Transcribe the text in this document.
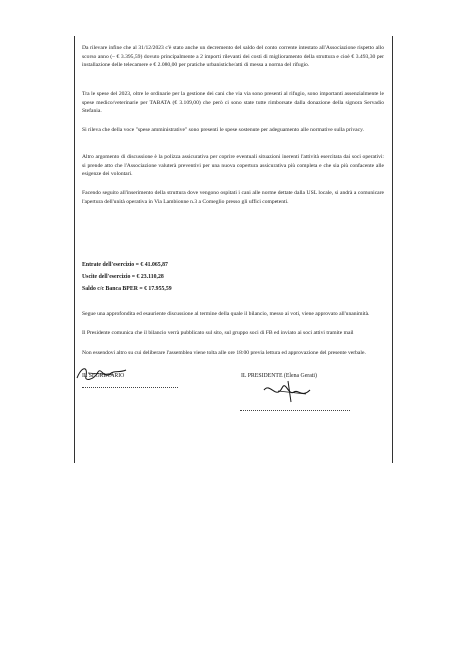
Da rilevare infine che al 31/12/2023 c'è stato anche un decremento del saldo del conto corrente intestato all'Associazione rispetto allo scorso anno (– € 3.395,59) dovuto principalmente a 2 importi rilevanti dei costi di miglioramento della struttura e cioè € 3.493,30 per installazione delle telecamere e € 2.080,00 per pratiche urbanistiche/atti di messa a norma del rifugio.

Tra le spese del 2023, oltre le ordinarie per la gestione dei cani che via via sono presenti al rifugio, sono importanti assenzialmente le spese medico/veterinarie per TABATA (€ 3.109,00) che però ci sono state tutte rimborsate dalla donazione della signora Servadio Stefania.

Si rileva che della voce "spese amministrative" sono presenti le spese sostenute per adeguamento alle normative sulla privacy.

Altro argomento di discussione è la polizza assicurativa per coprire eventuali situazioni inerenti l'attività esercitata dai soci operativi: si prende atto che l'Associazione valuterà preventivi per una nuova copertura assicurativa più completa e che sia più confacente alle esigenze dei volontari.

Facendo seguito all'inserimento della struttura dove vengono ospitati i cani alle norme dettate dalla USL locale, si andrà a comunicare l'apertura dell'unità operativa in Via Lambionne n.3 a Comeglio presso gli uffici competenti.

Entrate dell'esercizio = € 41.065,87
Uscite dell'esercizio = € 23.110,28
Saldo c/c Banca BPER = € 17.955,59

Segue una approfondita ed esauriente discussione al termine della quale il bilancio, messo ai voti, viene approvato all'unanimità.

Il Presidente comunica che il bilancio verrà pubblicato sul sito, sul gruppo soci di FB ed inviato ai soci attivi tramite mail

Non essendovi altro su cui deliberare l'assemblea viene tolta alle ore 18:00 previa lettura ed approvazione del presente verbale.

IL SEGRETARIO	IL PRESIDENTE (Elena Gerati)
